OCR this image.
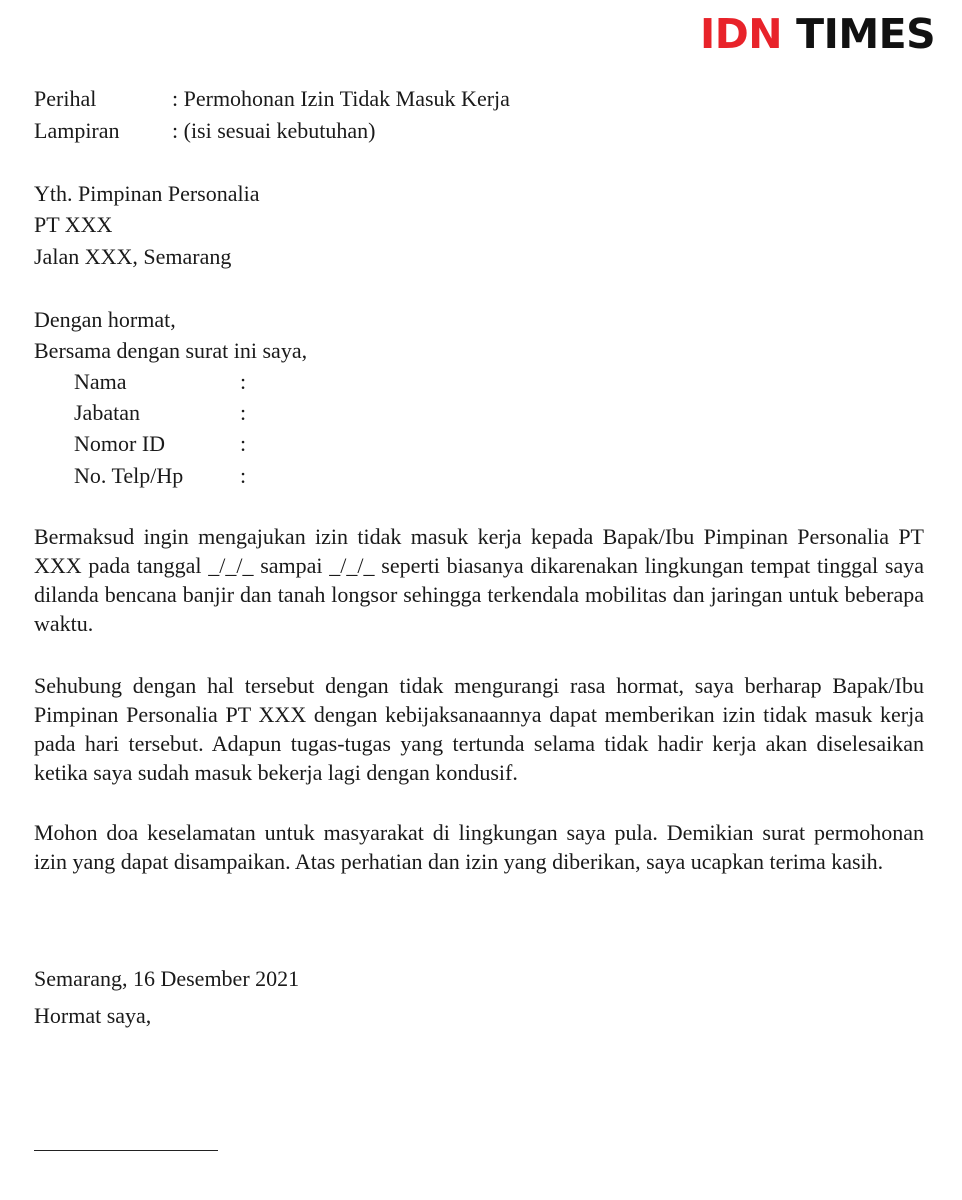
IDN TIMES
Perihal	: Permohonan Izin Tidak Masuk Kerja
Lampiran : (isi sesuai kebutuhan)
Yth. Pimpinan Personalia
PT XXX
Jalan XXX, Semarang
Dengan hormat,
Bersama dengan surat ini saya,
Nama	:
Jabatan	:
Nomor ID	:
No. Telp/Hp	:

Bermaksud ingin mengajukan izin tidak masuk kerja kepada Bapak/Ibu Pimpinan Personalia PT XXX pada tanggal _/_/_ sampai _/_/_ seperti biasanya dikarenakan lingkungan tempat tinggal saya dilanda bencana banjir dan tanah longsor sehingga terkendala mobilitas dan jaringan untuk beberapa waktu.

Sehubung dengan hal tersebut dengan tidak mengurangi rasa hormat, saya berharap Bapak/Ibu Pimpinan Personalia PT XXX dengan kebijaksanaannya dapat memberikan izin tidak masuk kerja pada hari tersebut. Adapun tugas-tugas yang tertunda selama tidak hadir kerja akan diselesaikan ketika saya sudah masuk bekerja lagi dengan kondusif.

Mohon doa keselamatan untuk masyarakat di lingkungan saya pula. Demikian surat permohonan izin yang dapat disampaikan. Atas perhatian dan izin yang diberikan, saya ucapkan terima kasih.

Semarang, 16 Desember 2021
Hormat saya,
